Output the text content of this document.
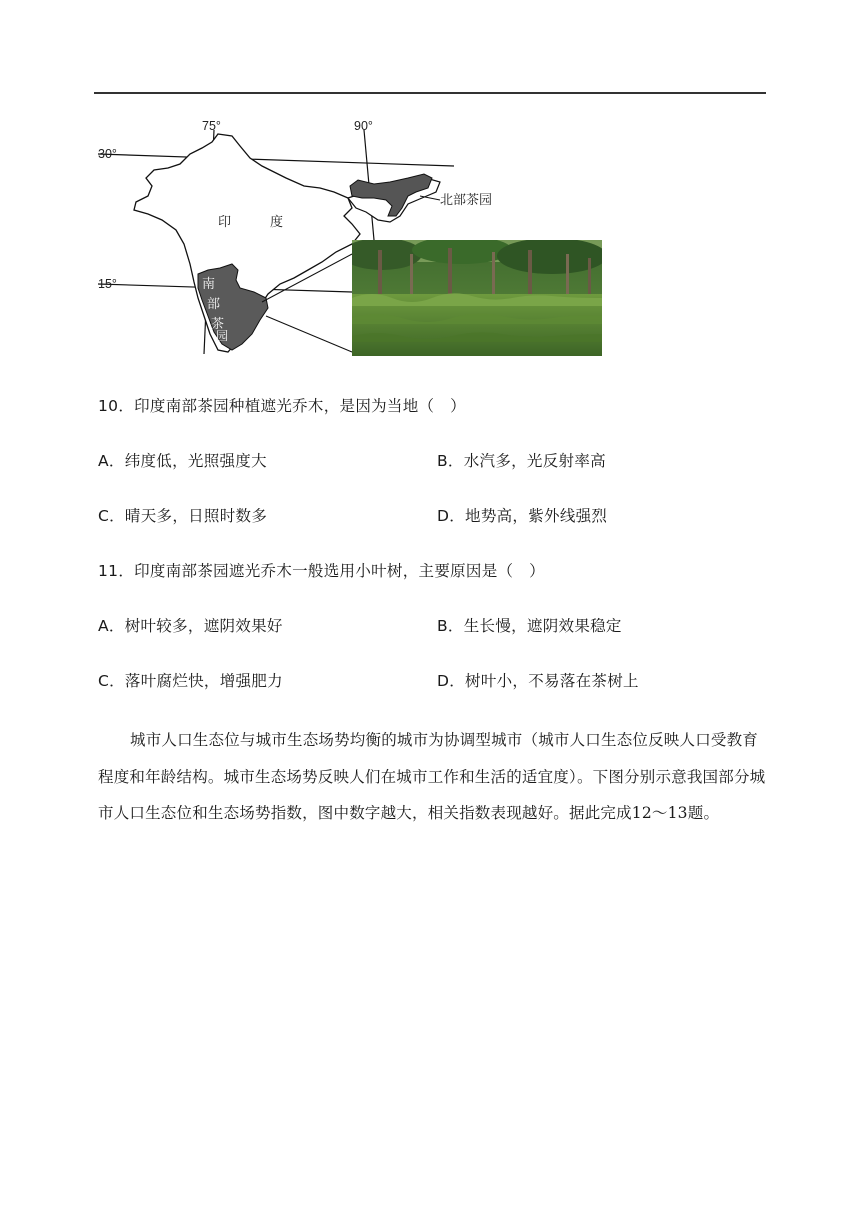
75°	90°
30°
15°
印	度
北部茶园
南
部
茶
园
10．印度南部茶园种植遮光乔木，是因为当地（　）
A．纬度低，光照强度大	B．水汽多，光反射率高
C．晴天多，日照时数多	D．地势高，紫外线强烈
11．印度南部茶园遮光乔木一般选用小叶树，主要原因是（　）
A．树叶较多，遮阴效果好	B．生长慢，遮阴效果稳定
C．落叶腐烂快，增强肥力	D．树叶小，不易落在茶树上
城市人口生态位与城市生态场势均衡的城市为协调型城市（城市人口生态位反映人口受教育程度和年龄结构。城市生态场势反映人们在城市工作和生活的适宜度）。下图分别示意我国部分城市人口生态位和生态场势指数，图中数字越大，相关指数表现越好。据此完成12～13题。
